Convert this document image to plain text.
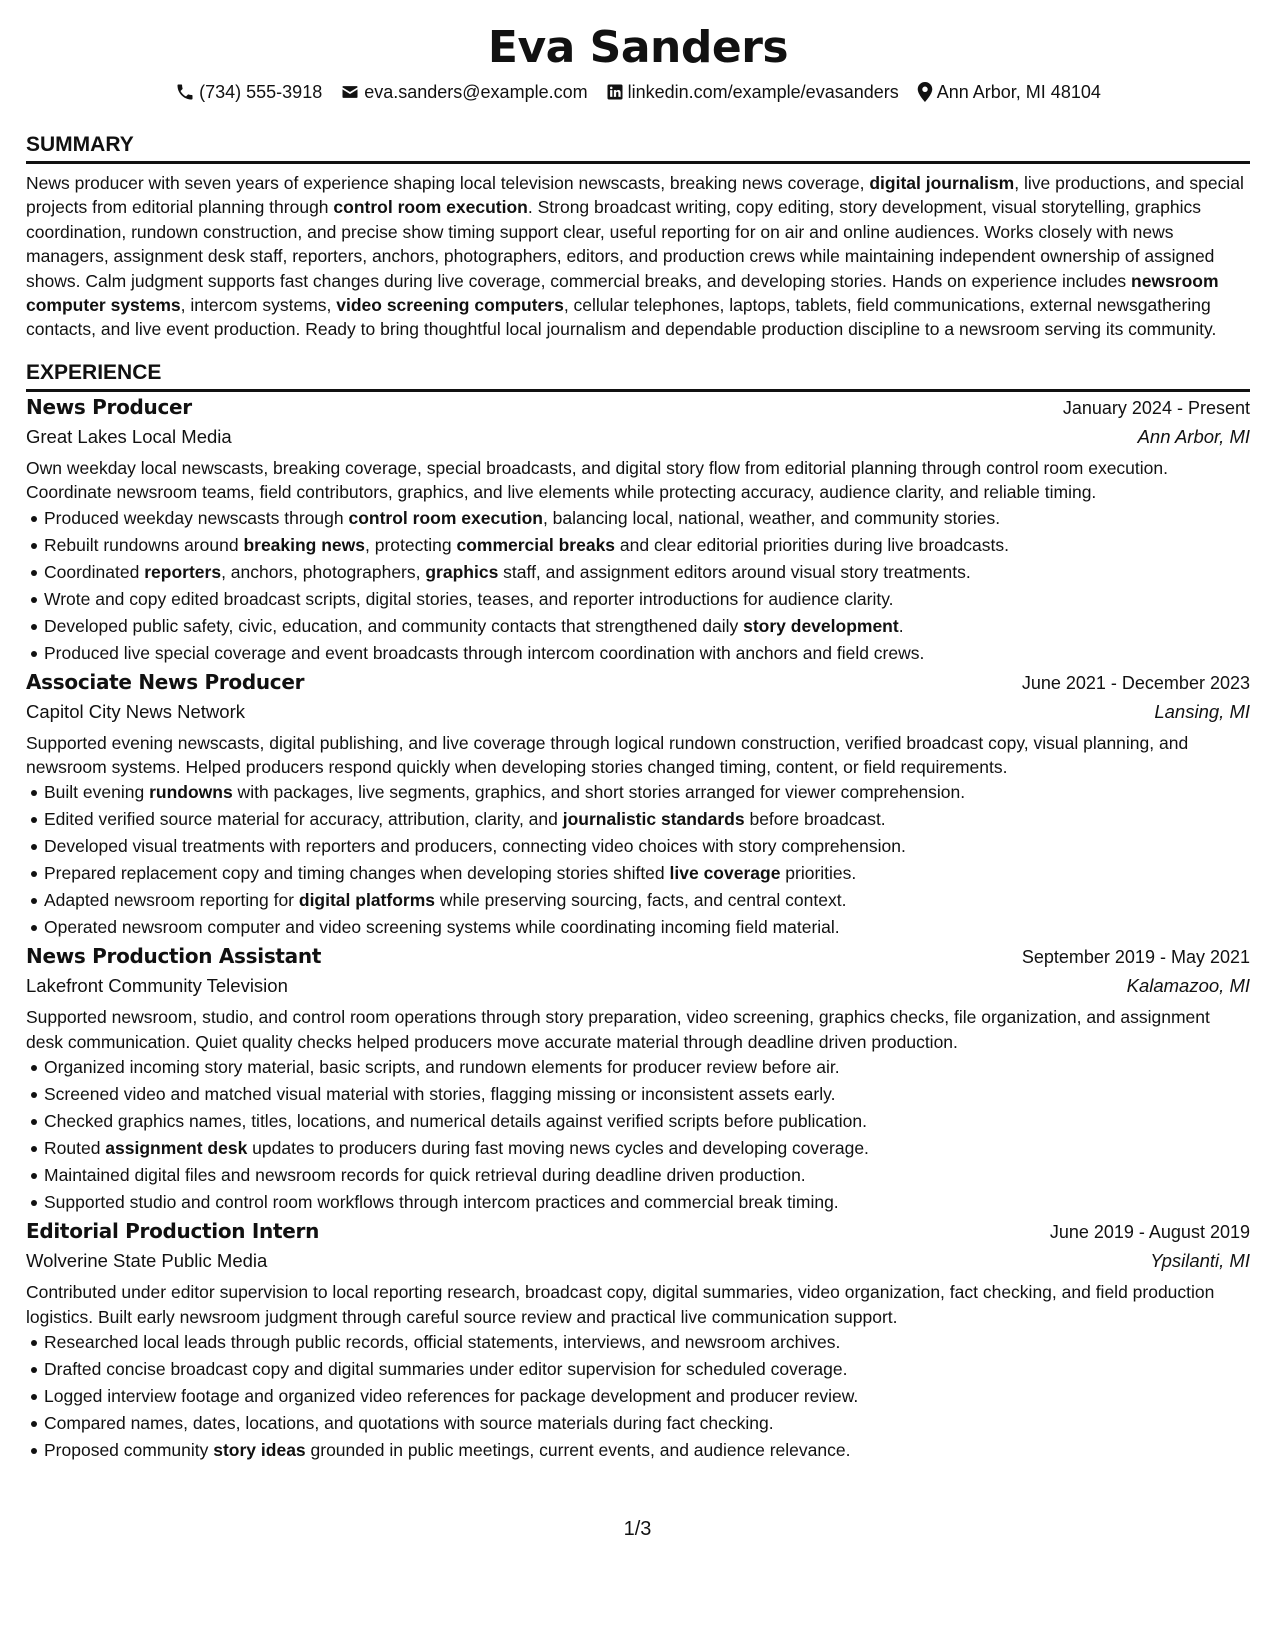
Eva Sanders
(734) 555-3918 eva.sanders@example.com linkedin.com/example/evasanders Ann Arbor, MI 48104
SUMMARY
News producer with seven years of experience shaping local television newscasts, breaking news coverage, digital journalism, live productions, and special projects from editorial planning through control room execution. Strong broadcast writing, copy editing, story development, visual storytelling, graphics coordination, rundown construction, and precise show timing support clear, useful reporting for on air and online audiences. Works closely with news managers, assignment desk staff, reporters, anchors, photographers, editors, and production crews while maintaining independent ownership of assigned shows. Calm judgment supports fast changes during live coverage, commercial breaks, and developing stories. Hands on experience includes newsroom computer systems, intercom systems, video screening computers, cellular telephones, laptops, tablets, field communications, external newsgathering contacts, and live event production. Ready to bring thoughtful local journalism and dependable production discipline to a newsroom serving its community.
EXPERIENCE
News Producer	January 2024 - Present
Great Lakes Local Media	Ann Arbor, MI
Own weekday local newscasts, breaking coverage, special broadcasts, and digital story flow from editorial planning through control room execution. Coordinate newsroom teams, field contributors, graphics, and live elements while protecting accuracy, audience clarity, and reliable timing.
Produced weekday newscasts through control room execution, balancing local, national, weather, and community stories.
Rebuilt rundowns around breaking news, protecting commercial breaks and clear editorial priorities during live broadcasts.
Coordinated reporters, anchors, photographers, graphics staff, and assignment editors around visual story treatments.
Wrote and copy edited broadcast scripts, digital stories, teases, and reporter introductions for audience clarity.
Developed public safety, civic, education, and community contacts that strengthened daily story development.
Produced live special coverage and event broadcasts through intercom coordination with anchors and field crews.
Associate News Producer	June 2021 - December 2023
Capitol City News Network	Lansing, MI
Supported evening newscasts, digital publishing, and live coverage through logical rundown construction, verified broadcast copy, visual planning, and newsroom systems. Helped producers respond quickly when developing stories changed timing, content, or field requirements.
Built evening rundowns with packages, live segments, graphics, and short stories arranged for viewer comprehension.
Edited verified source material for accuracy, attribution, clarity, and journalistic standards before broadcast.
Developed visual treatments with reporters and producers, connecting video choices with story comprehension.
Prepared replacement copy and timing changes when developing stories shifted live coverage priorities.
Adapted newsroom reporting for digital platforms while preserving sourcing, facts, and central context.
Operated newsroom computer and video screening systems while coordinating incoming field material.
News Production Assistant	September 2019 - May 2021
Lakefront Community Television	Kalamazoo, MI
Supported newsroom, studio, and control room operations through story preparation, video screening, graphics checks, file organization, and assignment desk communication. Quiet quality checks helped producers move accurate material through deadline driven production.
Organized incoming story material, basic scripts, and rundown elements for producer review before air.
Screened video and matched visual material with stories, flagging missing or inconsistent assets early.
Checked graphics names, titles, locations, and numerical details against verified scripts before publication.
Routed assignment desk updates to producers during fast moving news cycles and developing coverage.
Maintained digital files and newsroom records for quick retrieval during deadline driven production.
Supported studio and control room workflows through intercom practices and commercial break timing.
Editorial Production Intern	June 2019 - August 2019
Wolverine State Public Media	Ypsilanti, MI
Contributed under editor supervision to local reporting research, broadcast copy, digital summaries, video organization, fact checking, and field production logistics. Built early newsroom judgment through careful source review and practical live communication support.
Researched local leads through public records, official statements, interviews, and newsroom archives.
Drafted concise broadcast copy and digital summaries under editor supervision for scheduled coverage.
Logged interview footage and organized video references for package development and producer review.
Compared names, dates, locations, and quotations with source materials during fact checking.
Proposed community story ideas grounded in public meetings, current events, and audience relevance.
1/3
